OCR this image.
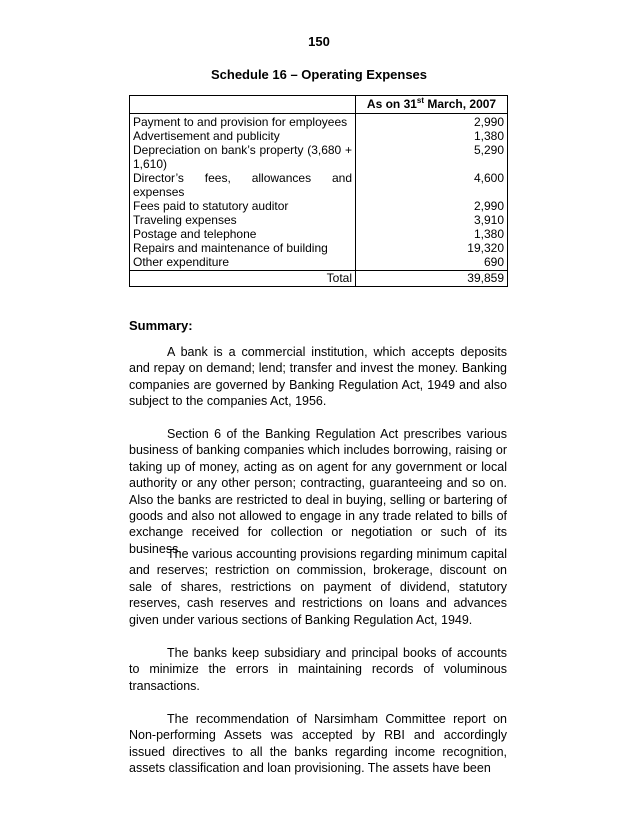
150
Schedule 16 – Operating Expenses
	As on 31st March, 2007
Payment to and provision for employees	2,990
Advertisement and publicity	1,380
Depreciation on bank’s property (3,680 + 1,610)	5,290
Director’s fees, allowances and expenses	4,600
Fees paid to statutory auditor	2,990
Traveling expenses	3,910
Postage and telephone	1,380
Repairs and maintenance of building	19,320
Other expenditure	690
Total	39,859
Summary:

A bank is a commercial institution, which accepts deposits and repay on demand; lend; transfer and invest the money. Banking companies are governed by Banking Regulation Act, 1949 and also subject to the companies Act, 1956.

Section 6 of the Banking Regulation Act prescribes various business of banking companies which includes borrowing, raising or taking up of money, acting as on agent for any government or local authority or any other person; contracting, guaranteeing and so on. Also the banks are restricted to deal in buying, selling or bartering of goods and also not allowed to engage in any trade related to bills of exchange received for collection or negotiation or such of its business.

The various accounting provisions regarding minimum capital and reserves; restriction on commission, brokerage, discount on sale of shares, restrictions on payment of dividend, statutory reserves, cash reserves and restrictions on loans and advances given under various sections of Banking Regulation Act, 1949.

The banks keep subsidiary and principal books of accounts to minimize the errors in maintaining records of voluminous transactions.

The recommendation of Narsimham Committee report on Non-performing Assets was accepted by RBI and accordingly issued directives to all the banks regarding income recognition, assets classification and loan provisioning. The assets have been
